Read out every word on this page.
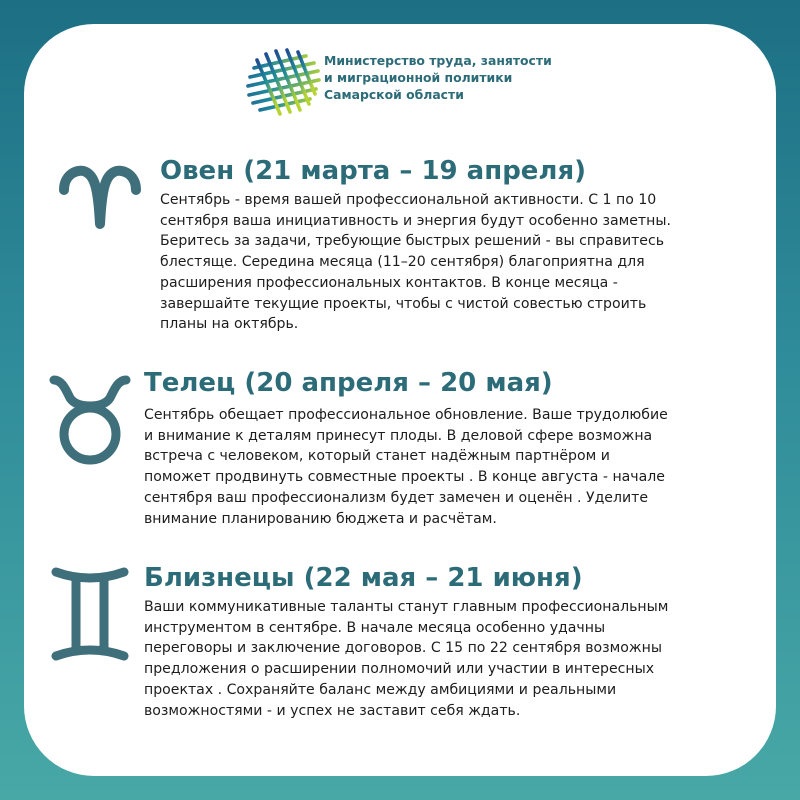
Министерство труда, занятости
и миграционной политики
Самарской области
Овен (21 марта – 19 апреля)
Сентябрь - время вашей профессиональной активности. С 1 по 10
сентября ваша инициативность и энергия будут особенно заметны.
Беритесь за задачи, требующие быстрых решений - вы справитесь
блестяще. Середина месяца (11–20 сентября) благоприятна для
расширения профессиональных контактов. В конце месяца -
завершайте текущие проекты, чтобы с чистой совестью строить
планы на октябрь.
Телец (20 апреля – 20 мая)
Сентябрь обещает профессиональное обновление. Ваше трудолюбие
и внимание к деталям принесут плоды. В деловой сфере возможна
встреча с человеком, который станет надёжным партнёром и
поможет продвинуть совместные проекты . В конце августа - начале
сентября ваш профессионализм будет замечен и оценён . Уделите
внимание планированию бюджета и расчётам.
Близнецы (22 мая – 21 июня)
Ваши коммуникативные таланты станут главным профессиональным
инструментом в сентябре. В начале месяца особенно удачны
переговоры и заключение договоров. С 15 по 22 сентября возможны
предложения о расширении полномочий или участии в интересных
проектах . Сохраняйте баланс между амбициями и реальными
возможностями - и успех не заставит себя ждать.
